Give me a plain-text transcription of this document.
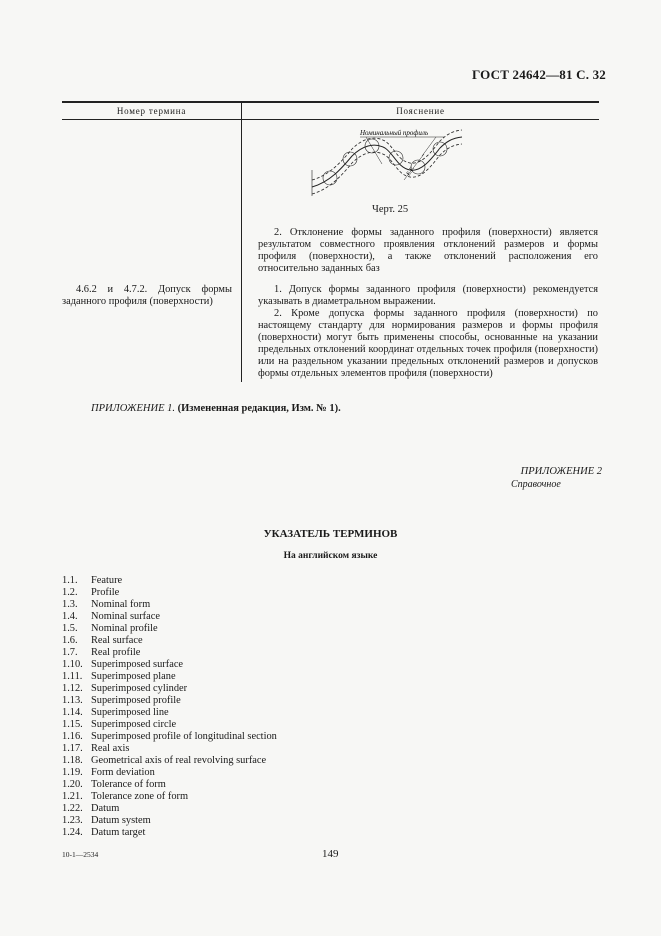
ГОСТ 24642—81 С. 32
Номер термина	Пояснение
Номинальный профиль
Е.Г.
Черт. 25
2. Отклонение формы заданного профиля (поверхности) является результатом совместного проявления отклонений размеров и формы профиля (поверхности), а также отклонений расположения его относительно заданных баз
4.6.2 и 4.7.2. Допуск формы заданного профиля (поверхности)
1. Допуск формы заданного профиля (поверхности) рекомендуется указывать в диаметральном выражении.
2. Кроме допуска формы заданного профиля (поверхности) по настоящему стандарту для нормирования размеров и формы профиля (поверхности) могут быть применены способы, основанные на указании предельных отклонений координат отдельных точек профиля (поверхности) или на раздельном указании предельных отклонений размеров и допусков формы отдельных элементов профиля (поверхности)
ПРИЛОЖЕНИЕ 1. (Измененная редакция, Изм. № 1).
ПРИЛОЖЕНИЕ 2
Справочное
УКАЗАТЕЛЬ ТЕРМИНОВ
На английском языке
1.1. Feature
1.2. Profile
1.3. Nominal form
1.4. Nominal surface
1.5. Nominal profile
1.6. Real surface
1.7. Real profile
1.10. Superimposed surface
1.11. Superimposed plane
1.12. Superimposed cylinder
1.13. Superimposed profile
1.14. Superimposed line
1.15. Superimposed circle
1.16. Superimposed profile of longitudinal section
1.17. Real axis
1.18. Geometrical axis of real revolving surface
1.19. Form deviation
1.20. Tolerance of form
1.21. Tolerance zone of form
1.22. Datum
1.23. Datum system
1.24. Datum target
10-1—2534	149
